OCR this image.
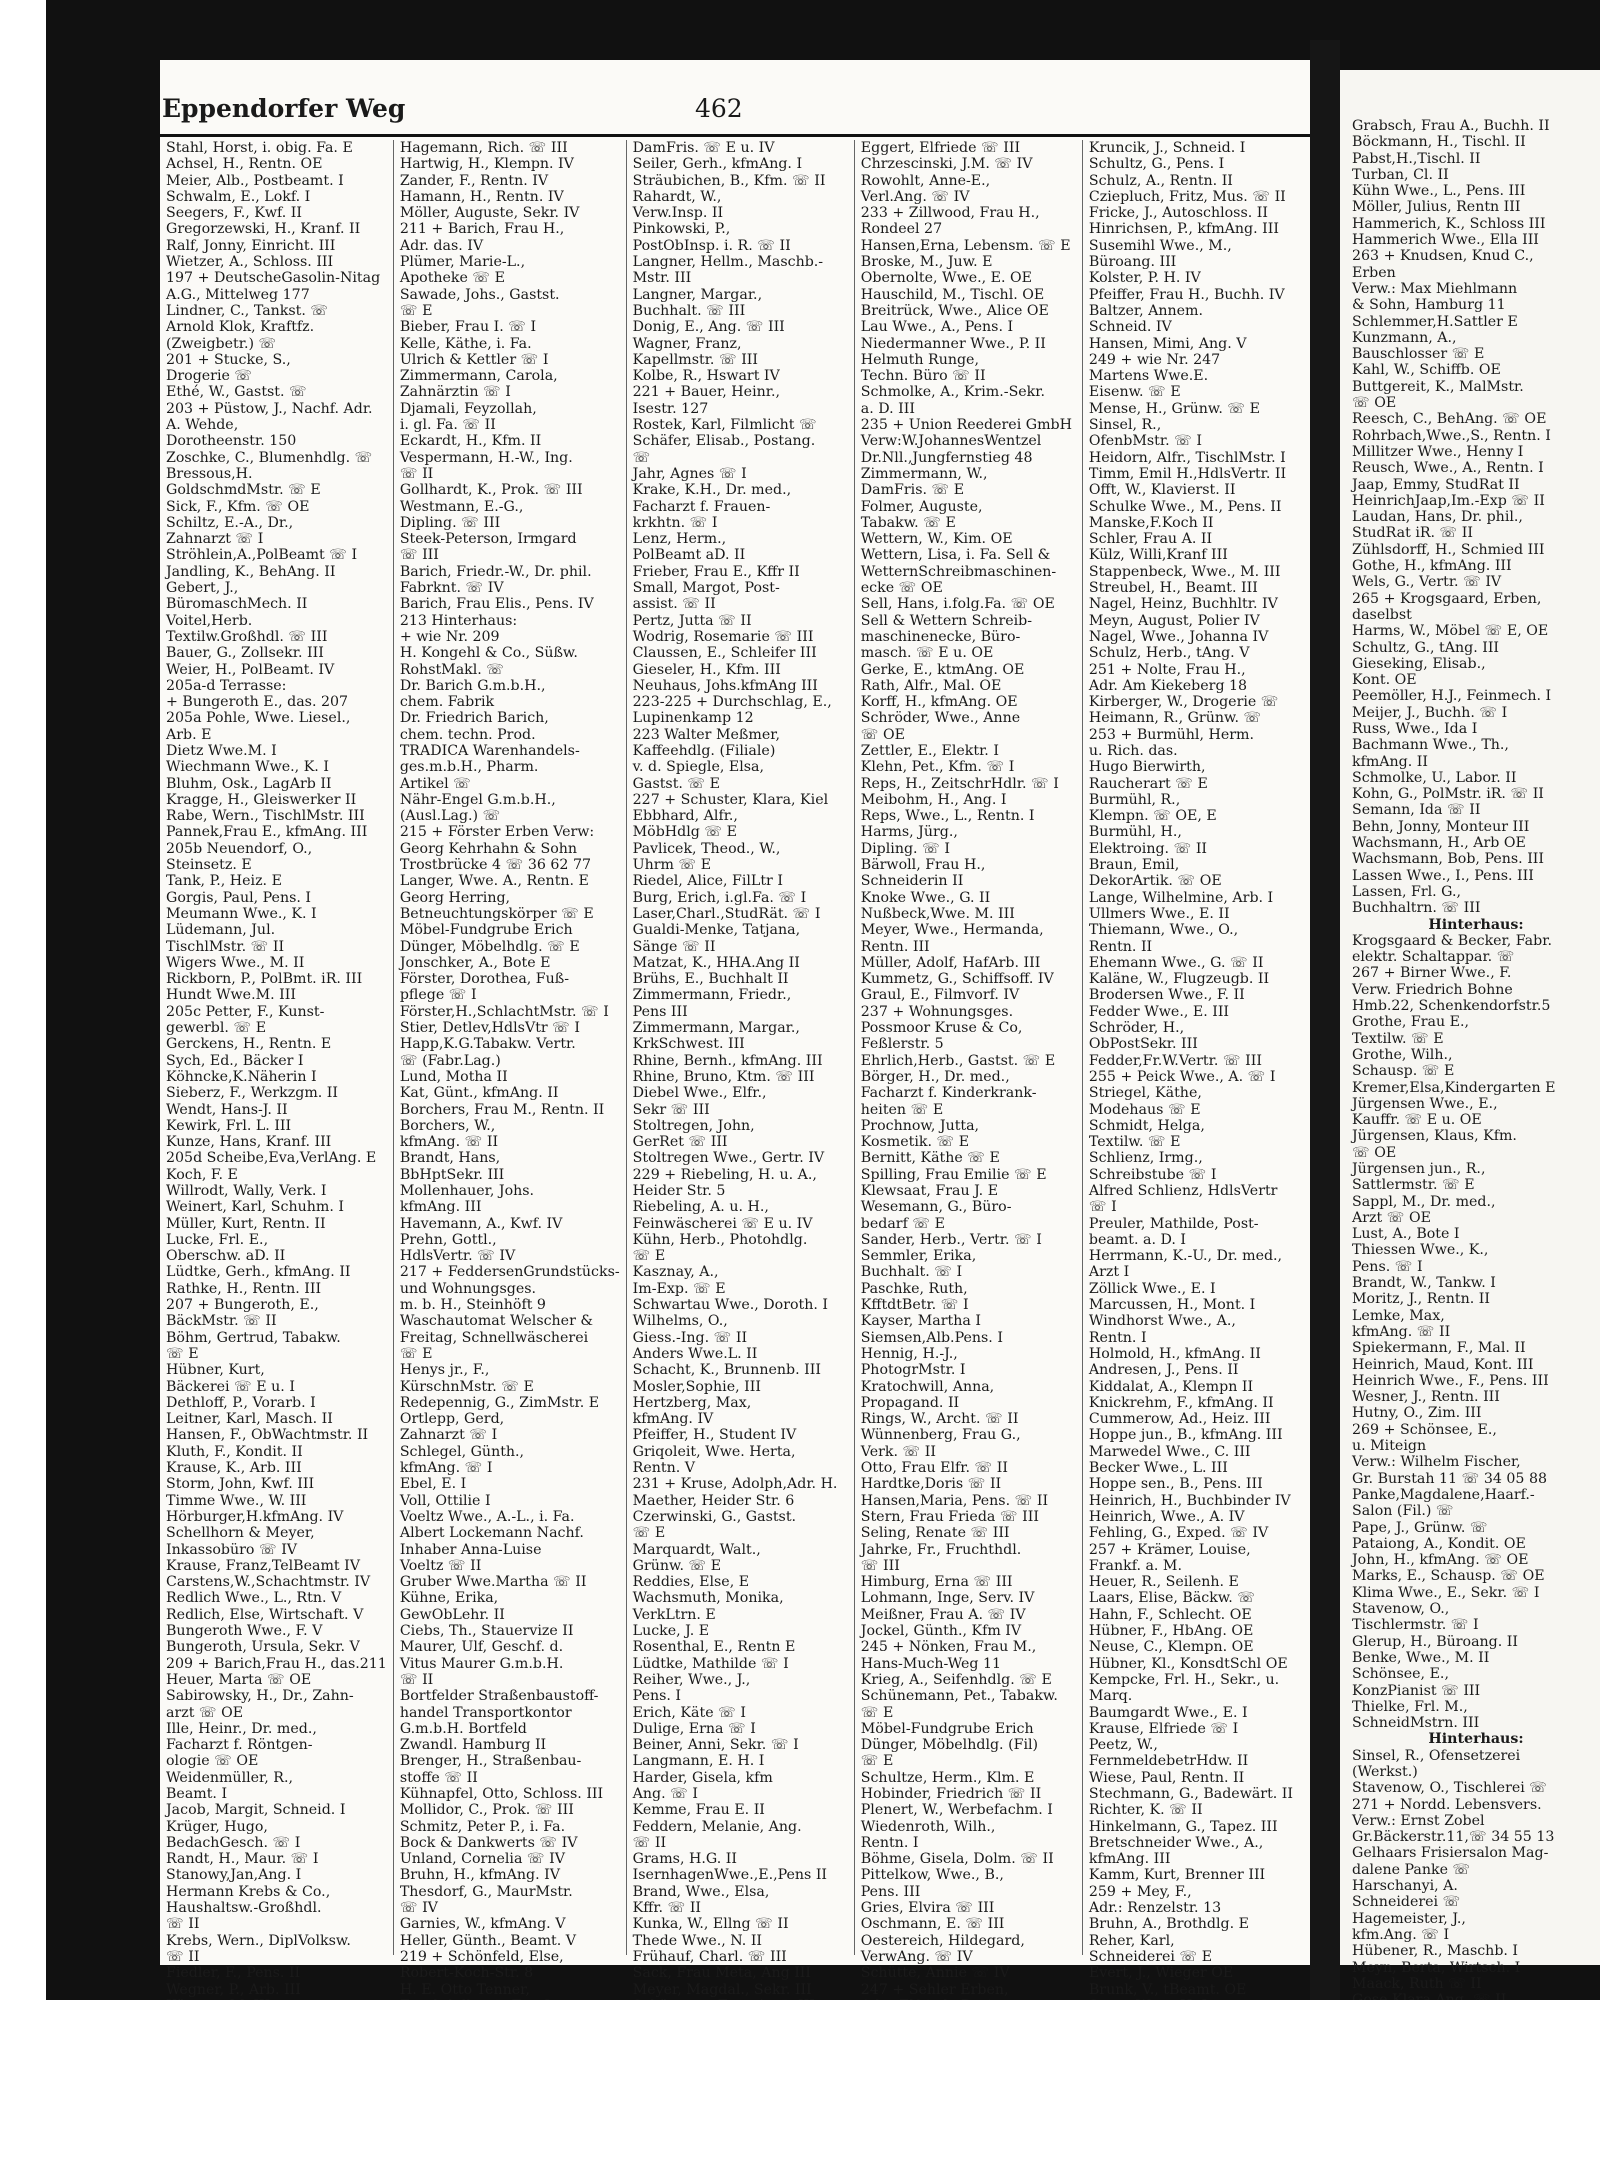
Eppendorfer Weg	462
Stahl, Horst, i. obig. Fa. E
Achsel, H., Rentn. OE
Meier, Alb., Postbeamt. I
Schwalm, E., Lokf. I
Seegers, F., Kwf. II
Gregorzewski, H., Kranf. II
Ralf, Jonny, Einricht. III
Wietzer, A., Schloss. III
197 + DeutscheGasolin-Nitag
A.G., Mittelweg 177
Lindner, C., Tankst. ☏
Arnold Klok, Kraftfz.
(Zweigbetr.) ☏
201 + Stucke, S.,
Drogerie ☏
Ethé, W., Gastst. ☏
203 + Püstow, J., Nachf. Adr.
A. Wehde,
Dorotheenstr. 150
Zoschke, C., Blumenhdlg. ☏
Bressous,H.
GoldschmdMstr. ☏ E
Sick, F., Kfm. ☏ OE
Schiltz, E.-A., Dr.,
Zahnarzt ☏ I
Ströhlein,A.,PolBeamt ☏ I
Jandling, K., BehAng. II
Gebert, J.,
BüromaschMech. II
Voitel,Herb.
Textilw.Großhdl. ☏ III
Bauer, G., Zollsekr. III
Weier, H., PolBeamt. IV
205a-d Terrasse:
+ Bungeroth E., das. 207
205a Pohle, Wwe. Liesel.,
Arb. E
Dietz Wwe.M. I
Wiechmann Wwe., K. I
Bluhm, Osk., LagArb II
Kragge, H., Gleiswerker II
Rabe, Wern., TischlMstr. III
Pannek,Frau E., kfmAng. III
205b Neuendorf, O.,
Steinsetz. E
Tank, P., Heiz. E
Gorgis, Paul, Pens. I
Meumann Wwe., K. I
Lüdemann, Jul.
TischlMstr. ☏ II
Wigers Wwe., M. II
Rickborn, P., PolBmt. iR. III
Hundt Wwe.M. III
205c Petter, F., Kunst-
gewerbl. ☏ E
Gerckens, H., Rentn. E
Sych, Ed., Bäcker I
Köhncke,K.Näherin I
Sieberz, F., Werkzgm. II
Wendt, Hans-J. II
Kewirk, Frl. L. III
Kunze, Hans, Kranf. III
205d Scheibe,Eva,VerlAng. E
Koch, F. E
Willrodt, Wally, Verk. I
Weinert, Karl, Schuhm. I
Müller, Kurt, Rentn. II
Lucke, Frl. E.,
Oberschw. aD. II
Lüdtke, Gerh., kfmAng. II
Rathke, H., Rentn. III
207 + Bungeroth, E.,
BäckMstr. ☏ II
Böhm, Gertrud, Tabakw.
☏ E
Hübner, Kurt,
Bäckerei ☏ E u. I
Dethloff, P., Vorarb. I
Leitner, Karl, Masch. II
Hansen, F., ObWachtmstr. II
Kluth, F., Kondit. II
Krause, K., Arb. III
Storm, John, Kwf. III
Timme Wwe., W. III
Hörburger,H.kfmAng. IV
Schellhorn & Meyer,
Inkassobüro ☏ IV
Krause, Franz,TelBeamt IV
Carstens,W.,Schachtmstr. IV
Redlich Wwe., L., Rtn. V
Redlich, Else, Wirtschaft. V
Bungeroth Wwe., F. V
Bungeroth, Ursula, Sekr. V
209 + Barich,Frau H., das.211
Heuer, Marta ☏ OE
Sabirowsky, H., Dr., Zahn-
arzt ☏ OE
Ille, Heinr., Dr. med.,
Facharzt f. Röntgen-
ologie ☏ OE
Weidenmüller, R.,
Beamt. I
Jacob, Margit, Schneid. I
Krüger, Hugo,
BedachGesch. ☏ I
Randt, H., Maur. ☏ I
Stanowy,Jan,Ang. I
Hermann Krebs & Co.,
Haushaltsw.-Großhdl.
☏ II
Krebs, Wern., DiplVolksw.
☏ II
Fiedler, F., Pens. II
Wegner, P., Arb. III
Hagemann, Rich. ☏ III
Hartwig, H., Klempn. IV
Zander, F., Rentn. IV
Hamann, H., Rentn. IV
Möller, Auguste, Sekr. IV
211 + Barich, Frau H.,
Adr. das. IV
Plümer, Marie-L.,
Apotheke ☏ E
Sawade, Johs., Gastst.
☏ E
Bieber, Frau I. ☏ I
Kelle, Käthe, i. Fa.
Ulrich & Kettler ☏ I
Zimmermann, Carola,
Zahnärztin ☏ I
Djamali, Feyzollah,
i. gl. Fa. ☏ II
Eckardt, H., Kfm. II
Vespermann, H.-W., Ing.
☏ II
Gollhardt, K., Prok. ☏ III
Westmann, E.-G.,
Dipling. ☏ III
Steek-Peterson, Irmgard
☏ III
Barich, Friedr.-W., Dr. phil.
Fabrknt. ☏ IV
Barich, Frau Elis., Pens. IV
213 Hinterhaus:
+ wie Nr. 209
H. Kongehl & Co., Süßw.
RohstMakl. ☏
Dr. Barich G.m.b.H.,
chem. Fabrik
Dr. Friedrich Barich,
chem. techn. Prod.
TRADICA Warenhandels-
ges.m.b.H., Pharm.
Artikel ☏
Nähr-Engel G.m.b.H.,
(Ausl.Lag.) ☏
215 + Förster Erben Verw:
Georg Kehrhahn & Sohn
Trostbrücke 4 ☏ 36 62 77
Langer, Wwe. A., Rentn. E
Georg Herring,
Betneuchtungskörper ☏ E
Möbel-Fundgrube Erich
Dünger, Möbelhdlg. ☏ E
Jonschker, A., Bote E
Förster, Dorothea, Fuß-
pflege ☏ I
Förster,H.,SchlachtMstr. ☏ I
Stier, Detlev,HdlsVtr ☏ I
Happ,K.G.Tabakw. Vertr.
☏ (Fabr.Lag.)
Lund, Motha II
Kat, Günt., kfmAng. II
Borchers, Frau M., Rentn. II
Borchers, W.,
kfmAng. ☏ II
Brandt, Hans,
BbHptSekr. III
Mollenhauer, Johs.
kfmAng. III
Havemann, A., Kwf. IV
Prehn, Gottl.,
HdlsVertr. ☏ IV
217 + FeddersenGrundstücks-
und Wohnungsges.
m. b. H., Steinhöft 9
Waschautomat Welscher &
Freitag, Schnellwäscherei
☏ E
Henys jr., F.,
KürschnMstr. ☏ E
Redepennig, G., ZimMstr. E
Ortlepp, Gerd,
Zahnarzt ☏ I
Schlegel, Günth.,
kfmAng. ☏ I
Ebel, E. I
Voll, Ottilie I
Voeltz Wwe., A.-L., i. Fa.
Albert Lockemann Nachf.
Inhaber Anna-Luise
Voeltz ☏ II
Gruber Wwe.Martha ☏ II
Kühne, Erika,
GewObLehr. II
Ciebs, Th., Stauervize II
Maurer, Ulf, Geschf. d.
Vitus Maurer G.m.b.H.
☏ II
Bortfelder Straßenbaustoff-
handel Transportkontor
G.m.b.H. Bortfeld
Zwandl. Hamburg II
Brenger, H., Straßenbau-
stoffe ☏ II
Kühnapfel, Otto, Schloss. III
Mollidor, C., Prok. ☏ III
Schmitz, Peter P., i. Fa.
Bock & Dankwerts ☏ IV
Unland, Cornelia ☏ IV
Bruhn, H., kfmAng. IV
Thesdorf, G., MaurMstr.
☏ IV
Garnies, W., kfmAng. V
Heller, Günth., Beamt. V
219 + Schönfeld, Else,
Robert-Koch-Str. 8
H. E. Otto Tenner,
DamFris. ☏ E u. IV
Seiler, Gerh., kfmAng. I
Sträubichen, B., Kfm. ☏ II
Rahardt, W.,
Verw.Insp. II
Pinkowski, P.,
PostObInsp. i. R. ☏ II
Langner, Hellm., Maschb.-
Mstr. III
Langner, Margar.,
Buchhalt. ☏ III
Donig, E., Ang. ☏ III
Wagner, Franz,
Kapellmstr. ☏ III
Kolbe, R., Hswart IV
221 + Bauer, Heinr.,
Isestr. 127
Rostek, Karl, Filmlicht ☏
Schäfer, Elisab., Postang.
☏
Jahr, Agnes ☏ I
Krake, K.H., Dr. med.,
Facharzt f. Frauen-
krkhtn. ☏ I
Lenz, Herm.,
PolBeamt aD. II
Frieber, Frau E., Kffr II
Small, Margot, Post-
assist. ☏ II
Pertz, Jutta ☏ II
Wodrig, Rosemarie ☏ III
Claussen, E., Schleifer III
Gieseler, H., Kfm. III
Neuhaus, Johs.kfmAng III
223-225 + Durchschlag, E.,
Lupinenkamp 12
223 Walter Meßmer,
Kaffeehdlg. (Filiale)
v. d. Spiegle, Elsa,
Gastst. ☏ E
227 + Schuster, Klara, Kiel
Ebbhard, Alfr.,
MöbHdlg ☏ E
Pavlicek, Theod., W.,
Uhrm ☏ E
Riedel, Alice, FilLtr I
Burg, Erich, i.gl.Fa. ☏ I
Laser,Charl.,StudRät. ☏ I
Gualdi-Menke, Tatjana,
Sänge ☏ II
Matzat, K., HHA.Ang II
Brühs, E., Buchhalt II
Zimmermann, Friedr.,
Pens III
Zimmermann, Margar.,
KrkSchwest. III
Rhine, Bernh., kfmAng. III
Rhine, Bruno, Ktm. ☏ III
Diebel Wwe., Elfr.,
Sekr ☏ III
Stoltregen, John,
GerRet ☏ III
Stoltregen Wwe., Gertr. IV
229 + Riebeling, H. u. A.,
Heider Str. 5
Riebeling, A. u. H.,
Feinwäscherei ☏ E u. IV
Kühn, Herb., Photohdlg.
☏ E
Kasznay, A.,
Im-Exp. ☏ E
Schwartau Wwe., Doroth. I
Wilhelms, O.,
Giess.-Ing. ☏ II
Anders Wwe.L. II
Schacht, K., Brunnenb. III
Mosler,Sophie, III
Hertzberg, Max,
kfmAng. IV
Pfeiffer, H., Student IV
Griqoleit, Wwe. Herta,
Rentn. V
231 + Kruse, Adolph,Adr. H.
Maether, Heider Str. 6
Czerwinski, G., Gastst.
☏ E
Marquardt, Walt.,
Grünw. ☏ E
Reddies, Else, E
Wachsmuth, Monika,
VerkLtrn. E
Lucke, J. E
Rosenthal, E., Rentn E
Lüdtke, Mathilde ☏ I
Reiher, Wwe., J.,
Pens. I
Erich, Käte ☏ I
Dulige, Erna ☏ I
Beiner, Anni, Sekr. ☏ I
Langmann, E. H. I
Harder, Gisela, kfm
Ang. ☏ I
Kemme, Frau E. II
Feddern, Melanie, Ang.
☏ II
Grams, H.G. II
IsernhagenWwe.,E.,Pens II
Brand, Wwe., Elsa,
Kffr. ☏ II
Kunka, W., Ellng ☏ II
Thede Wwe., N. II
Frühauf, Charl. ☏ III
Sack, Frau Meta, Ang III
Meyer, Magdal., Sekr. III
Eggert, Elfriede ☏ III
Chrzescinski, J.M. ☏ IV
Rowohlt, Anne-E.,
Verl.Ang. ☏ IV
233 + Zillwood, Frau H.,
Rondeel 27
Hansen,Erna, Lebensm. ☏ E
Broske, M., Juw. E
Obernolte, Wwe., E. OE
Hauschild, M., Tischl. OE
Breitrück, Wwe., Alice OE
Lau Wwe., A., Pens. I
Niedermanner Wwe., P. II
Helmuth Runge,
Techn. Büro ☏ II
Schmolke, A., Krim.-Sekr.
a. D. III
235 + Union Reederei GmbH
Verw:W.JohannesWentzel
Dr.Nll.,Jungfernstieg 48
Zimmermann, W.,
DamFris. ☏ E
Folmer, Auguste,
Tabakw. ☏ E
Wettern, W., Kim. OE
Wettern, Lisa, i. Fa. Sell &
WetternSchreibmaschinen-
ecke ☏ OE
Sell, Hans, i.folg.Fa. ☏ OE
Sell & Wettern Schreib-
maschinenecke, Büro-
masch. ☏ E u. OE
Gerke, E., ktmAng. OE
Rath, Alfr., Mal. OE
Korff, H., kfmAng. OE
Schröder, Wwe., Anne
☏ OE
Zettler, E., Elektr. I
Klehn, Pet., Kfm. ☏ I
Reps, H., ZeitschrHdlr. ☏ I
Meibohm, H., Ang. I
Reps, Wwe., L., Rentn. I
Harms, Jürg.,
Dipling. ☏ I
Bärwoll, Frau H.,
Schneiderin II
Knoke Wwe., G. II
Nußbeck,Wwe. M. III
Meyer, Wwe., Hermanda,
Rentn. III
Müller, Adolf, HafArb. III
Kummetz, G., Schiffsoff. IV
Graul, E., Filmvorf. IV
237 + Wohnungsges.
Possmoor Kruse & Co,
Feßlerstr. 5
Ehrlich,Herb., Gastst. ☏ E
Börger, H., Dr. med.,
Facharzt f. Kinderkrank-
heiten ☏ E
Prochnow, Jutta,
Kosmetik. ☏ E
Bernitt, Käthe ☏ E
Spilling, Frau Emilie ☏ E
Klewsaat, Frau J. E
Wesemann, G., Büro-
bedarf ☏ E
Sander, Herb., Vertr. ☏ I
Semmler, Erika,
Buchhalt. ☏ I
Paschke, Ruth,
KfftdtBetr. ☏ I
Kayser, Martha I
Siemsen,Alb.Pens. I
Hennig, H.-J.,
PhotogrMstr. I
Kratochwill, Anna,
Propagand. II
Rings, W., Archt. ☏ II
Wünnenberg, Frau G.,
Verk. ☏ II
Otto, Frau Elfr. ☏ II
Hardtke,Doris ☏ II
Hansen,Maria, Pens. ☏ II
Stern, Frau Frieda ☏ III
Seling, Renate ☏ III
Jahrke, Fr., Fruchthdl.
☏ III
Himburg, Erna ☏ III
Lohmann, Inge, Serv. IV
Meißner, Frau A. ☏ IV
Jockel, Günth., Kfm IV
245 + Nönken, Frau M.,
Hans-Much-Weg 11
Krieg, A., Seifenhdlg. ☏ E
Schünemann, Pet., Tabakw.
☏ E
Möbel-Fundgrube Erich
Dünger, Möbelhdlg. (Fil)
☏ E
Schultze, Herm., Klm. E
Hobinder, Friedrich ☏ II
Plenert, W., Werbefachm. I
Wiedenroth, Wilh.,
Rentn. I
Böhme, Gisela, Dolm. ☏ II
Pittelkow, Wwe., B.,
Pens. III
Gries, Elvira ☏ III
Oschmann, E. ☏ III
Oestereich, Hildegard,
VerwAng. ☏ IV
Schütte, Annie ☏ IV
247 + Sehler Erben,
Kruncik, J., Schneid. I
Schultz, G., Pens. I
Schulz, A., Rentn. II
Cziepluch, Fritz, Mus. ☏ II
Fricke, J., Autoschloss. II
Hinrichsen, P., kfmAng. III
Susemihl Wwe., M.,
Büroang. III
Kolster, P. H. IV
Pfeiffer, Frau H., Buchh. IV
Baltzer, Annem.
Schneid. IV
Hansen, Mimi, Ang. V
249 + wie Nr. 247
Martens Wwe.E.
Eisenw. ☏ E
Mense, H., Grünw. ☏ E
Sinsel, R.,
OfenbMstr. ☏ I
Heidorn, Alfr., TischlMstr. I
Timm, Emil H.,HdlsVertr. II
Offt, W., Klavierst. II
Schulke Wwe., M., Pens. II
Manske,F.Koch II
Schler, Frau A. II
Külz, Willi,Kranf III
Stappenbeck, Wwe., M. III
Streubel, H., Beamt. III
Nagel, Heinz, Buchhltr. IV
Meyn, August, Polier IV
Nagel, Wwe., Johanna IV
Schulz, Herb., tAng. V
251 + Nolte, Frau H.,
Adr. Am Kiekeberg 18
Kirberger, W., Drogerie ☏
Heimann, R., Grünw. ☏
253 + Burmühl, Herm.
u. Rich. das.
Hugo Bierwirth,
Raucherart ☏ E
Burmühl, R.,
Klempn. ☏ OE, E
Burmühl, H.,
Elektroing. ☏ II
Braun, Emil,
DekorArtik. ☏ OE
Lange, Wilhelmine, Arb. I
Ullmers Wwe., E. II
Thiemann, Wwe., O.,
Rentn. II
Ehemann Wwe., G. ☏ II
Kaläne, W., Flugzeugb. II
Brodersen Wwe., F. II
Fedder Wwe., E. III
Schröder, H.,
ObPostSekr. III
Fedder,Fr.W.Vertr. ☏ III
255 + Peick Wwe., A. ☏ I
Striegel, Käthe,
Modehaus ☏ E
Schmidt, Helga,
Textilw. ☏ E
Schlienz, Irmg.,
Schreibstube ☏ I
Alfred Schlienz, HdlsVertr
☏ I
Preuler, Mathilde, Post-
beamt. a. D. I
Herrmann, K.-U., Dr. med.,
Arzt I
Zöllick Wwe., E. I
Marcussen, H., Mont. I
Windhorst Wwe., A.,
Rentn. I
Holmold, H., kfmAng. II
Andresen, J., Pens. II
Kiddalat, A., Klempn II
Knickrehm, F., kfmAng. II
Cummerow, Ad., Heiz. III
Hoppe jun., B., kfmAng. III
Marwedel Wwe., C. III
Becker Wwe., L. III
Hoppe sen., B., Pens. III
Heinrich, H., Buchbinder IV
Heinrich, Wwe., A. IV
Fehling, G., Exped. ☏ IV
257 + Krämer, Louise,
Frankf. a. M.
Heuer, R., Seilenh. E
Laars, Elise, Bäckw. ☏
Hahn, F., Schlecht. OE
Hübner, F., HbAng. OE
Neuse, C., Klempn. OE
Hübner, Kl., KonsdtSchl OE
Kempcke, Frl. H., Sekr., u.
Marq.
Baumgardt Wwe., E. I
Krause, Elfriede ☏ I
Peetz, W.,
FernmeldebetrHdw. II
Wiese, Paul, Rentn. II
Stechmann, G., Badewärt. II
Richter, K. ☏ II
Hinkelmann, G., Tapez. III
Bretschneider Wwe., A.,
kfmAng. III
Kamm, Kurt, Brenner III
259 + Mey, F.,
Adr.: Renzelstr. 13
Bruhn, A., Brothdlg. E
Reher, Karl,
Schneiderei ☏ E
Evert, J., Wieger OE
Brunk, V., tBeamt. OE
Grabsch, Frau A., Buchh. II
Böckmann, H., Tischl. II
Pabst,H.,Tischl. II
Turban, Cl. II
Kühn Wwe., L., Pens. III
Möller, Julius, Rentn III
Hammerich, K., Schloss III
Hammerich Wwe., Ella III
263 + Knudsen, Knud C.,
Erben
Verw.: Max Miehlmann
& Sohn, Hamburg 11
Schlemmer,H.Sattler E
Kunzmann, A.,
Bauschlosser ☏ E
Kahl, W., Schiffb. OE
Buttgereit, K., MalMstr.
☏ OE
Reesch, C., BehAng. ☏ OE
Rohrbach,Wwe.,S., Rentn. I
Millitzer Wwe., Henny I
Reusch, Wwe., A., Rentn. I
Jaap, Emmy, StudRat II
HeinrichJaap,Im.-Exp ☏ II
Laudan, Hans, Dr. phil.,
StudRat iR. ☏ II
Zühlsdorff, H., Schmied III
Gothe, H., kfmAng. III
Wels, G., Vertr. ☏ IV
265 + Krogsgaard, Erben,
daselbst
Harms, W., Möbel ☏ E, OE
Schultz, G., tAng. III
Gieseking, Elisab.,
Kont. OE
Peemöller, H.J., Feinmech. I
Meijer, J., Buchh. ☏ I
Russ, Wwe., Ida I
Bachmann Wwe., Th.,
kfmAng. II
Schmolke, U., Labor. II
Kohn, G., PolMstr. iR. ☏ II
Semann, Ida ☏ II
Behn, Jonny, Monteur III
Wachsmann, H., Arb OE
Wachsmann, Bob, Pens. III
Lassen Wwe., I., Pens. III
Lassen, Frl. G.,
Buchhaltrn. ☏ III
Hinterhaus:
Krogsgaard & Becker, Fabr.
elektr. Schaltappar. ☏
267 + Birner Wwe., F.
Verw. Friedrich Bohne
Hmb.22, Schenkendorfstr.5
Grothe, Frau E.,
Textilw. ☏ E
Grothe, Wilh.,
Schausp. ☏ E
Kremer,Elsa,Kindergarten E
Jürgensen Wwe., E.,
Kauffr. ☏ E u. OE
Jürgensen, Klaus, Kfm.
☏ OE
Jürgensen jun., R.,
Sattlermstr. ☏ E
Sappl, M., Dr. med.,
Arzt ☏ OE
Lust, A., Bote I
Thiessen Wwe., K.,
Pens. ☏ I
Brandt, W., Tankw. I
Moritz, J., Rentn. II
Lemke, Max,
kfmAng. ☏ II
Spiekermann, F., Mal. II
Heinrich, Maud, Kont. III
Heinrich Wwe., F., Pens. III
Wesner, J., Rentn. III
Hutny, O., Zim. III
269 + Schönsee, E.,
u. Miteign
Verw.: Wilhelm Fischer,
Gr. Burstah 11 ☏ 34 05 88
Panke,Magdalene,Haarf.-
Salon (Fil.) ☏
Pape, J., Grünw. ☏
Pataiong, A., Kondit. OE
John, H., kfmAng. ☏ OE
Marks, E., Schausp. ☏ OE
Klima Wwe., E., Sekr. ☏ I
Stavenow, O.,
Tischlermstr. ☏ I
Glerup, H., Büroang. II
Benke, Wwe., M. II
Schönsee, E.,
KonzPianist ☏ III
Thielke, Frl. M.,
SchneidMstrn. III
Hinterhaus:
Sinsel, R., Ofensetzerei
(Werkst.)
Stavenow, O., Tischlerei ☏
271 + Nordd. Lebensvers.
Verw.: Ernst Zobel
Gr.Bäckerstr.11,☏ 34 55 13
Gelhaars Frisiersalon Mag-
dalene Panke ☏
Harschanyi, A.
Schneiderei ☏
Hagemeister, J.,
kfm.Ang. ☏ I
Hübener, R., Maschb. I
Meyn, Berta, Wirtsch. I
Maack, Ruth ☏ II
